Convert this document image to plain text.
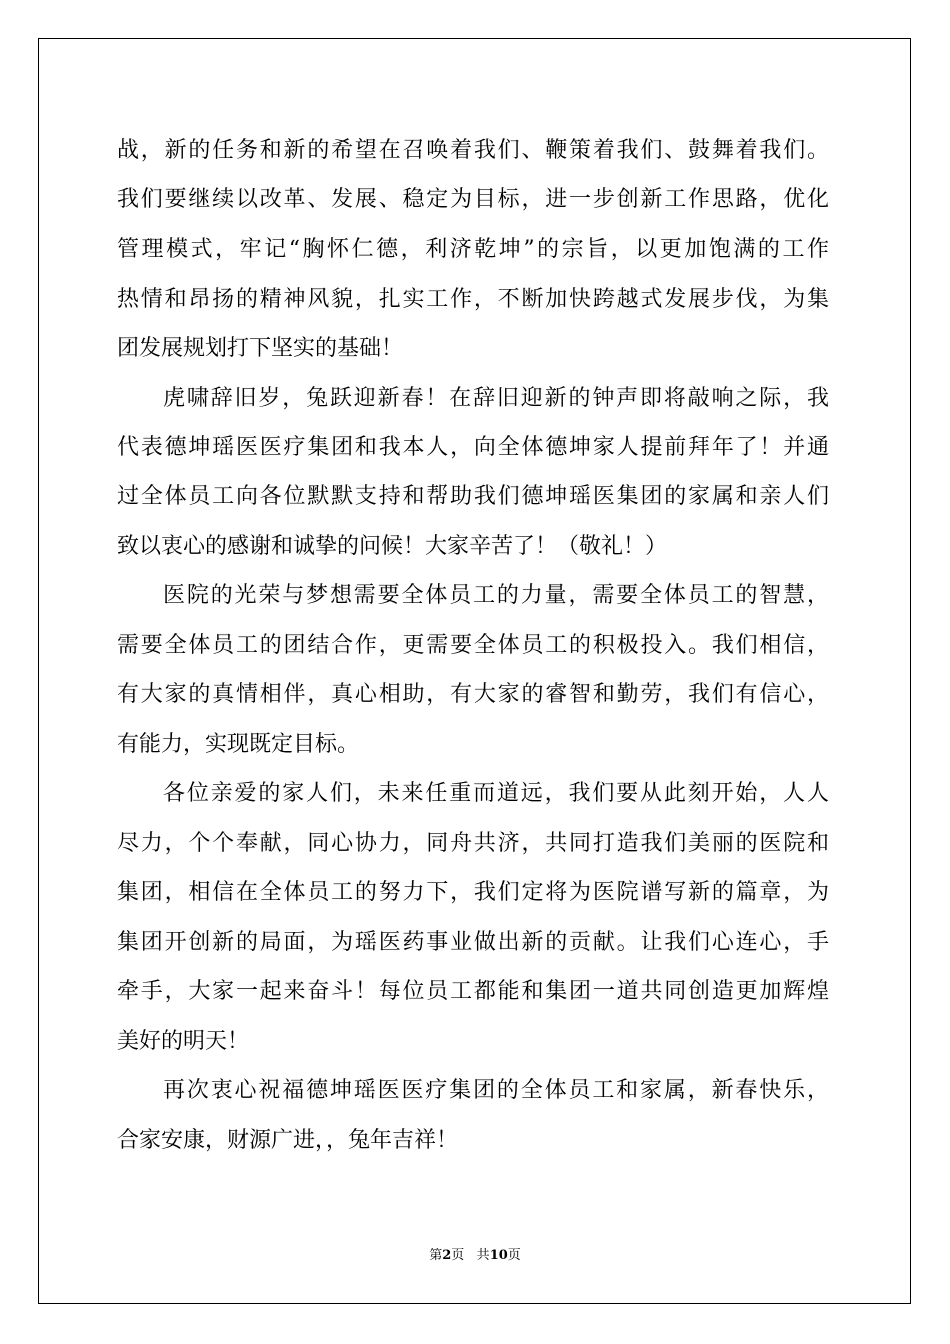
战，新的任务和新的希望在召唤着我们、鞭策着我们、鼓舞着我们。
我们要继续以改革、发展、稳定为目标，进一步创新工作思路，优化
管理模式，牢记“胸怀仁德，利济乾坤”的宗旨，以更加饱满的工作
热情和昂扬的精神风貌，扎实工作，不断加快跨越式发展步伐，为集
团发展规划打下坚实的基础！
虎啸辞旧岁，兔跃迎新春！在辞旧迎新的钟声即将敲响之际，我
代表德坤瑶医医疗集团和我本人，向全体德坤家人提前拜年了！并通
过全体员工向各位默默支持和帮助我们德坤瑶医集团的家属和亲人们
致以衷心的感谢和诚挚的问候！大家辛苦了！（敬礼！）
医院的光荣与梦想需要全体员工的力量，需要全体员工的智慧，
需要全体员工的团结合作，更需要全体员工的积极投入。我们相信，
有大家的真情相伴，真心相助，有大家的睿智和勤劳，我们有信心，
有能力，实现既定目标。
各位亲爱的家人们，未来任重而道远，我们要从此刻开始，人人
尽力，个个奉献，同心协力，同舟共济，共同打造我们美丽的医院和
集团，相信在全体员工的努力下，我们定将为医院谱写新的篇章，为
集团开创新的局面，为瑶医药事业做出新的贡献。让我们心连心，手
牵手，大家一起来奋斗！每位员工都能和集团一道共同创造更加辉煌
美好的明天！
再次衷心祝福德坤瑶医医疗集团的全体员工和家属，新春快乐，
合家安康，财源广进，，兔年吉祥！
第2页 共10页
